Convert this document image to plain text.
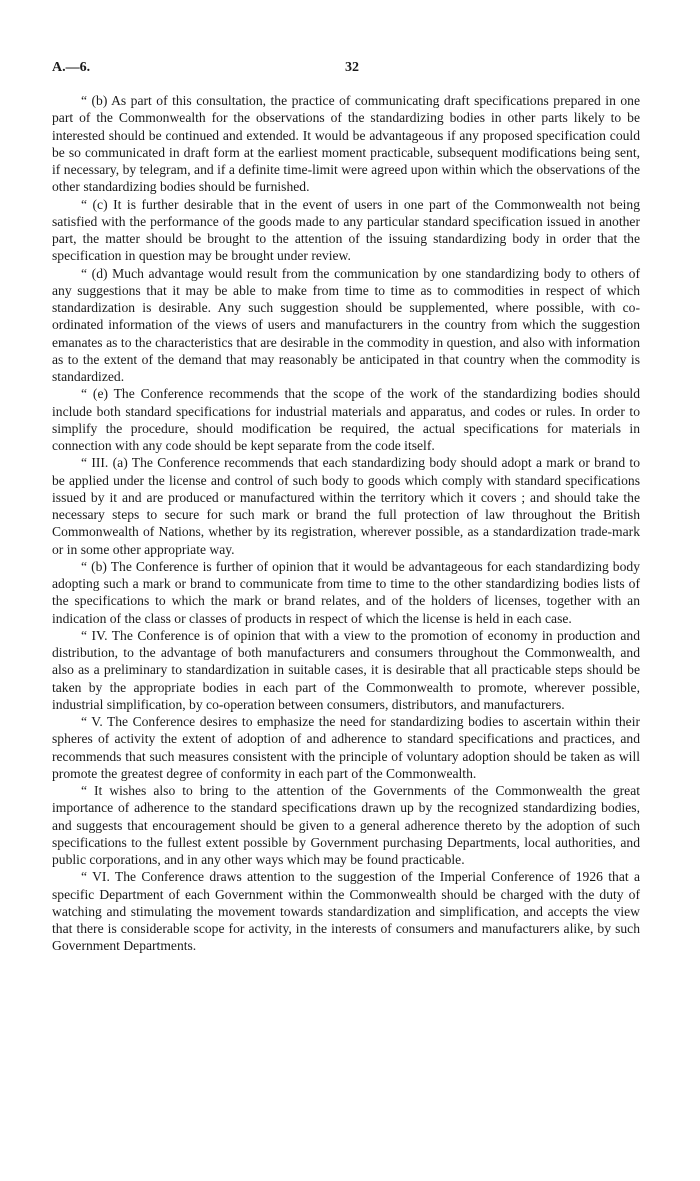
A.—6.	32

“ (b) As part of this consultation, the practice of communicating draft specifications prepared in one part of the Commonwealth for the observations of the standardizing bodies in other parts likely to be interested should be continued and extended. It would be advantageous if any proposed specification could be so communicated in draft form at the earliest moment practicable, subsequent modifications being sent, if necessary, by telegram, and if a definite time-limit were agreed upon within which the observations of the other standardizing bodies should be furnished.

“ (c) It is further desirable that in the event of users in one part of the Commonwealth not being satisfied with the performance of the goods made to any particular standard specification issued in another part, the matter should be brought to the attention of the issuing standardizing body in order that the specification in question may be brought under review.

“ (d) Much advantage would result from the communication by one standardizing body to others of any suggestions that it may be able to make from time to time as to commodities in respect of which standardization is desirable. Any such suggestion should be supplemented, where possible, with co-ordinated information of the views of users and manufacturers in the country from which the suggestion emanates as to the characteristics that are desirable in the commodity in question, and also with information as to the extent of the demand that may reasonably be anticipated in that country when the commodity is standardized.

“ (e) The Conference recommends that the scope of the work of the standardizing bodies should include both standard specifications for industrial materials and apparatus, and codes or rules. In order to simplify the procedure, should modification be required, the actual specifications for materials in connection with any code should be kept separate from the code itself.

“ III. (a) The Conference recommends that each standardizing body should adopt a mark or brand to be applied under the license and control of such body to goods which comply with standard specifications issued by it and are produced or manufactured within the territory which it covers ; and should take the necessary steps to secure for such mark or brand the full protection of law throughout the British Commonwealth of Nations, whether by its registration, wherever possible, as a standardization trade-mark or in some other appropriate way.

“ (b) The Conference is further of opinion that it would be advantageous for each standardizing body adopting such a mark or brand to communicate from time to time to the other standardizing bodies lists of the specifications to which the mark or brand relates, and of the holders of licenses, together with an indication of the class or classes of products in respect of which the license is held in each case.

“ IV. The Conference is of opinion that with a view to the promotion of economy in production and distribution, to the advantage of both manufacturers and consumers throughout the Commonwealth, and also as a preliminary to standardization in suitable cases, it is desirable that all practicable steps should be taken by the appropriate bodies in each part of the Commonwealth to promote, wherever possible, industrial simplification, by co-operation between consumers, distributors, and manufacturers.

“ V. The Conference desires to emphasize the need for standardizing bodies to ascertain within their spheres of activity the extent of adoption of and adherence to standard specifications and practices, and recommends that such measures consistent with the principle of voluntary adoption should be taken as will promote the greatest degree of conformity in each part of the Commonwealth.

“ It wishes also to bring to the attention of the Governments of the Commonwealth the great importance of adherence to the standard specifications drawn up by the recognized standardizing bodies, and suggests that encouragement should be given to a general adherence thereto by the adoption of such specifications to the fullest extent possible by Government purchasing Departments, local authorities, and public corporations, and in any other ways which may be found practicable.

“ VI. The Conference draws attention to the suggestion of the Imperial Conference of 1926 that a specific Department of each Government within the Commonwealth should be charged with the duty of watching and stimulating the movement towards standardization and simplification, and accepts the view that there is considerable scope for activity, in the interests of consumers and manufacturers alike, by such Government Departments.
